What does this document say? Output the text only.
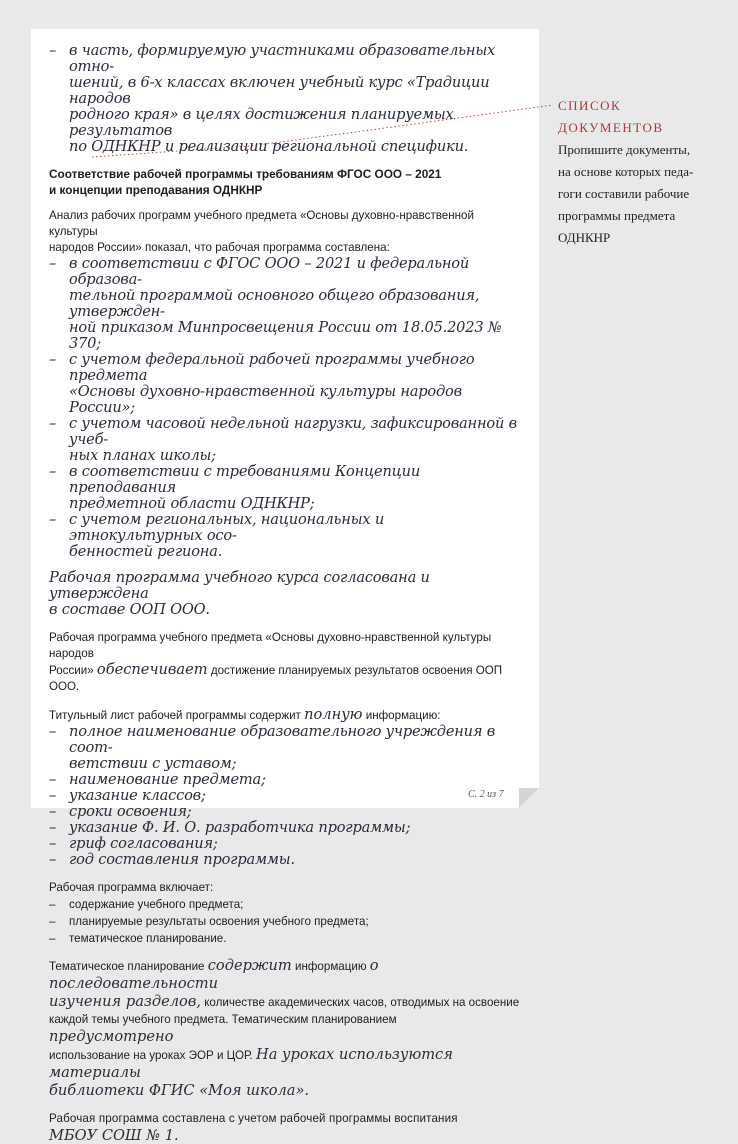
– в часть, формируемую участниками образовательных отно-
шений, в 6-х классах включен учебный курс «Традиции народов
родного края» в целях достижения планируемых результатов
по ОДНКНР и реализации региональной специфики.
Соответствие рабочей программы требованиям ФГОС ООО – 2021
и концепции преподавания ОДНКНР
Анализ рабочих программ учебного предмета «Основы духовно-нравственной культуры
народов России» показал, что рабочая программа составлена:
– в соответствии с ФГОС ООО – 2021 и федеральной образова-
тельной программой основного общего образования, утвержден-
ной приказом Минпросвещения России от 18.05.2023 № 370;
– с учетом федеральной рабочей программы учебного предмета
«Основы духовно-нравственной культуры народов России»;
– с учетом часовой недельной нагрузки, зафиксированной в учеб-
ных планах школы;
– в соответствии с требованиями Концепции преподавания
предметной области ОДНКНР;
– с учетом региональных, национальных и этнокультурных осо-
бенностей региона.
Рабочая программа учебного курса согласована и утверждена
в составе ООП ООО.
Рабочая программа учебного предмета «Основы духовно-нравственной культуры народов
России» обеспечивает достижение планируемых результатов освоения ООП ООО.
Титульный лист рабочей программы содержит полную информацию:
– полное наименование образовательного учреждения в соот-
ветствии с уставом;
– наименование предмета;
– указание классов;
– сроки освоения;
– указание Ф. И. О. разработчика программы;
– гриф согласования;
– год составления программы.
Рабочая программа включает:
–	содержание учебного предмета;
–	планируемые результаты освоения учебного предмета;
–	тематическое планирование.
Тематическое планирование содержит информацию о последовательности
изучения разделов, количестве академических часов, отводимых на освоение
каждой темы учебного предмета. Тематическим планированием предусмотрено
использование на уроках ЭОР и ЦОР. На уроках используются материалы
библиотеки ФГИС «Моя школа».
Рабочая программа составлена с учетом рабочей программы воспитания
МБОУ СОШ № 1.
С. 2 из 7
СПИСОК
ДОКУМЕНТОВ
Пропишите документы,
на основе которых педа-
гоги составили рабочие
программы предмета
ОДНКНР
